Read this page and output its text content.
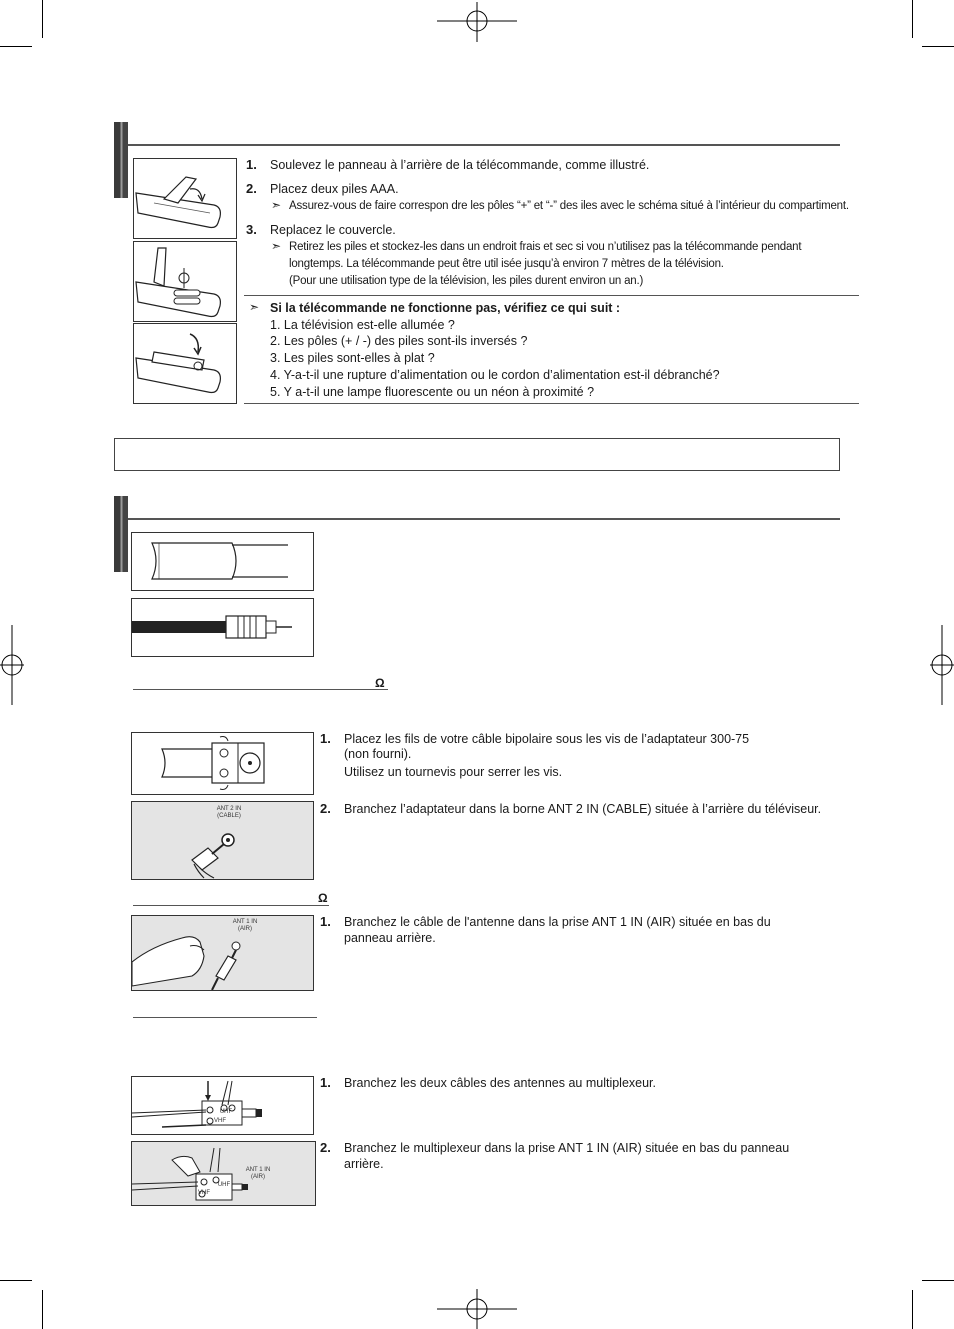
1. Soulevez le panneau à l’arrière de la télécommande, comme illustré.
2. Placez deux piles AAA.
➣ Assurez-vous de faire correspon dre les pôles “+” et “-” des iles avec le schéma situé à l’intérieur du compartiment.
3. Replacez le couvercle.
➣ Retirez les piles et stockez-les dans un endroit frais et sec si vou n’utilisez pas la télécommande pendant
longtemps. La télécommande peut être util isée jusqu’à environ 7 mètres de la télévision.
(Pour une utilisation type de la télévision, les piles durent environ un an.)
➣ Si la télécommande ne fonctionne pas, vérifiez ce qui suit :
1. La télévision est-elle allumée ?
2. Les pôles (+ / -) des piles sont-ils inversés ?
3. Les piles sont-elles à plat ?
4. Y-a-t-il une rupture d’alimentation ou le cordon d’alimentation est-il débranché?
5. Y a-t-il une lampe fluorescente ou un néon à proximité ?
Ω
ANT 2 IN
(CABLE)
1. Placez les fils de votre câble bipolaire sous les vis de l’adaptateur 300-75
(non fourni).
Utilisez un tournevis pour serrer les vis.
2. Branchez l’adaptateur dans la borne ANT 2 IN (CABLE) située à l’arrière du téléviseur.
Ω
ANT 1 IN
(AIR)	1. Branchez le câble de l'antenne dans la prise ANT 1 IN (AIR) située en bas du
panneau arrière.
UHF
VHF
ANT 1 IN
(AIR)
UHF
VHF
1. Branchez les deux câbles des antennes au multiplexeur.
2. Branchez le multiplexeur dans la prise ANT 1 IN (AIR) située en bas du panneau
arrière.
